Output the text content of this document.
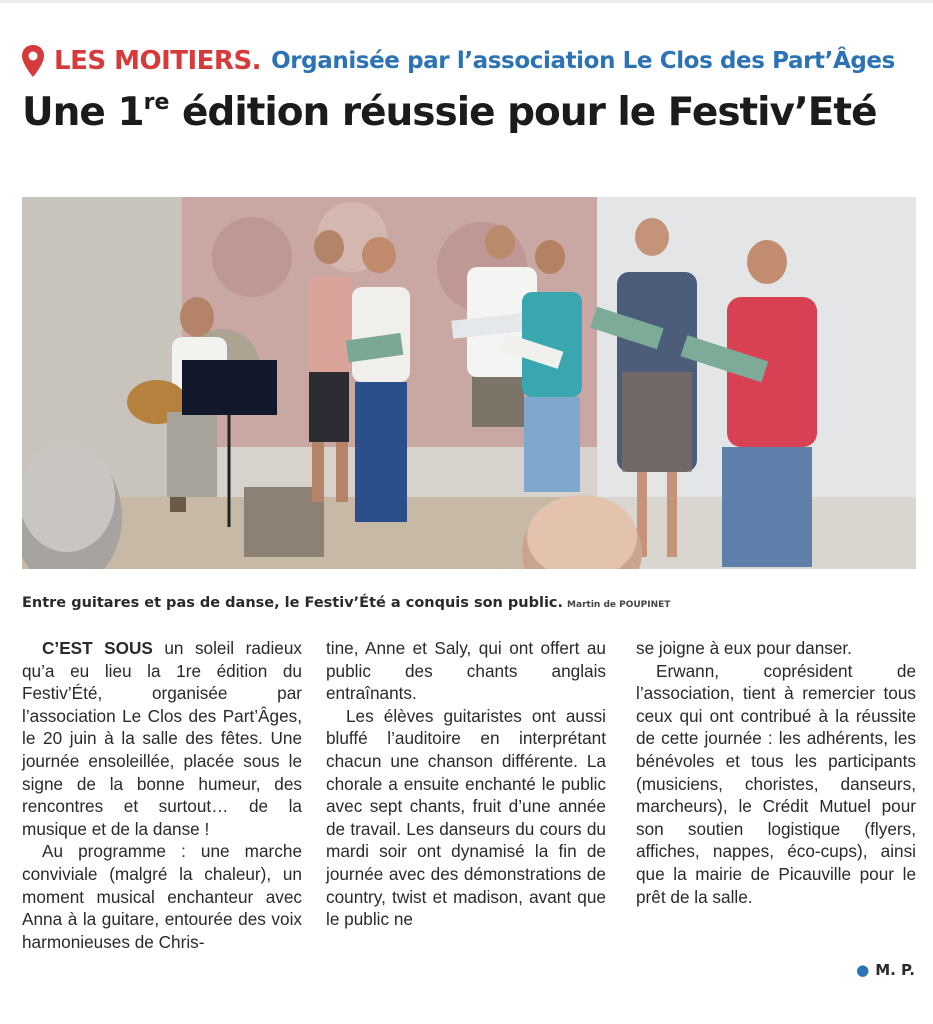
LES MOITIERS. Organisée par l’association Le Clos des Part’Âges
Une 1re édition réussie pour le Festiv’Eté
Entre guitares et pas de danse, le Festiv’Été a conquis son public. Martin de POUPINET

C’EST SOUS un soleil radieux qu’a eu lieu la 1re édition du Festiv’Été, organisée par l’association Le Clos des Part’Âges, le 20 juin à la salle des fêtes. Une journée ensoleillée, placée sous le signe de la bonne humeur, des rencontres et surtout… de la musique et de la danse !

Au programme : une marche conviviale (malgré la chaleur), un moment musical enchanteur avec Anna à la guitare, entourée des voix harmonieuses de Chris-

tine, Anne et Saly, qui ont offert au public des chants anglais entraînants.

Les élèves guitaristes ont aussi bluffé l’auditoire en interprétant chacun une chanson différente. La chorale a ensuite enchanté le public avec sept chants, fruit d’une année de travail. Les danseurs du cours du mardi soir ont dynamisé la fin de journée avec des démonstrations de country, twist et madison, avant que le public ne

se joigne à eux pour danser.

Erwann, coprésident de l’association, tient à remercier tous ceux qui ont contribué à la réussite de cette journée : les adhérents, les bénévoles et tous les participants (musiciens, choristes, danseurs, marcheurs), le Crédit Mutuel pour son soutien logistique (flyers, affiches, nappes, éco-cups), ainsi que la mairie de Picauville pour le prêt de la salle.

● M. P.
